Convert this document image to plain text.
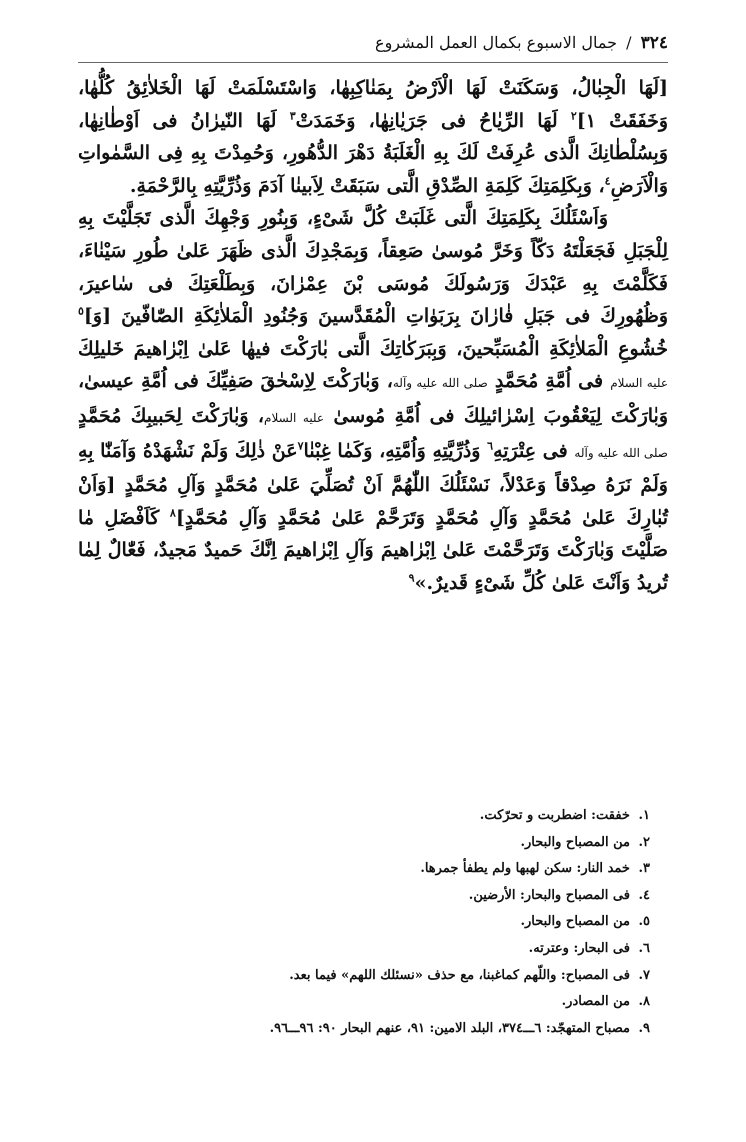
٣٢٤ / جمال الاسبوع بكمال العمل المشروع

[لَهَا الْجِبٰالُ، وَسَكَنَتْ لَهَا الْاَرْضُ بِمَنٰاكِبِهٰا، وَاسْتَسْلَمَتْ لَهَا الْخَلاٰئِقُ كُلُّهٰا، وَخَفَقَتْ ١]$^٢$ لَهَا الرِّيٰاحُ فى جَرَيٰانِهٰا، وَخَمَدَتْ$^٣$ لَهَا النّيرٰانُ فى اَوْطٰانِهٰا، وَبِسُلْطٰانِكَ الَّذى عُرِفَتْ لَكَ بِهِ الْغَلَبَةُ دَهْرَ الدُّهُورِ، وَحُمِدْتَ بِهِ فِى السَّمٰواتِ وَالْاَرَضِ$^٤$، وَبِكَلِمَتِكَ كَلِمَةِ الصِّدْقِ الَّتى سَبَقَتْ لِاَبينٰا آدَمَ وَذُرِّيَّتِهِ بِالرَّحْمَةِ.

وَاَسْئَلُكَ بِكَلِمَتِكَ الَّتى غَلَبَتْ كُلَّ شَىْءٍ، وَبِنُورِ وَجْهِكَ الَّذى تَجَلَّيْتَ بِهِ لِلْجَبَلِ فَجَعَلْتَهُ دَكّاً وَخَرَّ مُوسىٰ صَعِقاً، وَبِمَجْدِكَ الَّذى ظَهَرَ عَلىٰ طُورِ سَيْنٰاءَ، فَكَلَّمْتَ بِهِ عَبْدَكَ وَرَسُولَكَ مُوسَى بْنَ عِمْرٰانَ، وَبِطَلْعَتِكَ فى سٰاعيرَ، وَظُهُورِكَ فى جَبَلِ فٰارٰانَ بِرَبَوٰاتِ الْمُقَدَّسينَ وَجُنُودِ الْمَلاٰئِكَةِ الصّٰافّينَ [وَ]$^٥$ خُشُوعِ الْمَلاٰئِكَةِ الْمُسَبِّحينَ، وَبِبَرَكٰاتِكَ الَّتى بٰارَكْتَ فيهٰا عَلىٰ اِبْرٰاهيمَ خَليلِكَ عليه السلام فى اُمَّةِ مُحَمَّدٍ صلى الله عليه وآله، وَبٰارَكْتَ لِاِسْحٰقَ صَفِيِّكَ فى اُمَّةِ عيسىٰ، وَبٰارَكْتَ لِيَعْقُوبَ اِسْرٰائيلِكَ فى اُمَّةِ مُوسىٰ عليه السلام، وَبٰارَكْتَ لِحَبيبِكَ مُحَمَّدٍ صلى الله عليه وآله فى عِتْرَتِهِ$^٦$ وَذُرِّيَّتِهِ وَاُمَّتِهِ، وَكَمٰا غِبْنٰا$^٧$عَنْ ذٰلِكَ وَلَمْ نَشْهَدْهُ وَآمَنّٰا بِهِ وَلَمْ نَرَهُ صِدْقاً وَعَدْلاً، نَسْئَلُكَ اللّٰهُمَّ اَنْ تُصَلِّيَ عَلىٰ مُحَمَّدٍ وَآلِ مُحَمَّدٍ [وَاَنْ تُبٰارِكَ عَلىٰ مُحَمَّدٍ وَآلِ مُحَمَّدٍ وَتَرَحَّمْ عَلىٰ مُحَمَّدٍ وَآلِ مُحَمَّدٍ]$^٨$ كَاَفْضَلِ مٰا صَلَّيْتَ وَبٰارَكْتَ وَتَرَحَّمْتَ عَلىٰ اِبْرٰاهيمَ وَآلِ اِبْرٰاهيمَ اِنَّكَ حَميدٌ مَجيدٌ، فَعّٰالٌ لِمٰا تُريدُ وَاَنْتَ عَلىٰ كُلِّ شَىْءٍ قَديرٌ.»$^٩$

١. خفقت: اضطربت و تحرّكت.
٢. من المصباح والبحار.
٣. خمد النار: سكن لهبها ولم يطفأ جمرها.
٤. فى المصباح والبحار: الأرضين.
٥. من المصباح والبحار.
٦. فى البحار: وعترته.
٧. فى المصباح: واللّهم كماغبنا، مع حذف «نسئلك اللهم» فيما بعد.
٨. من المصادر.
٩. مصباح المتهجّد: ٦ـــ٣٧٤، البلد الامين: ٩١، عنهم البحار ٩٠: ٩٦ـــ٩٦.
